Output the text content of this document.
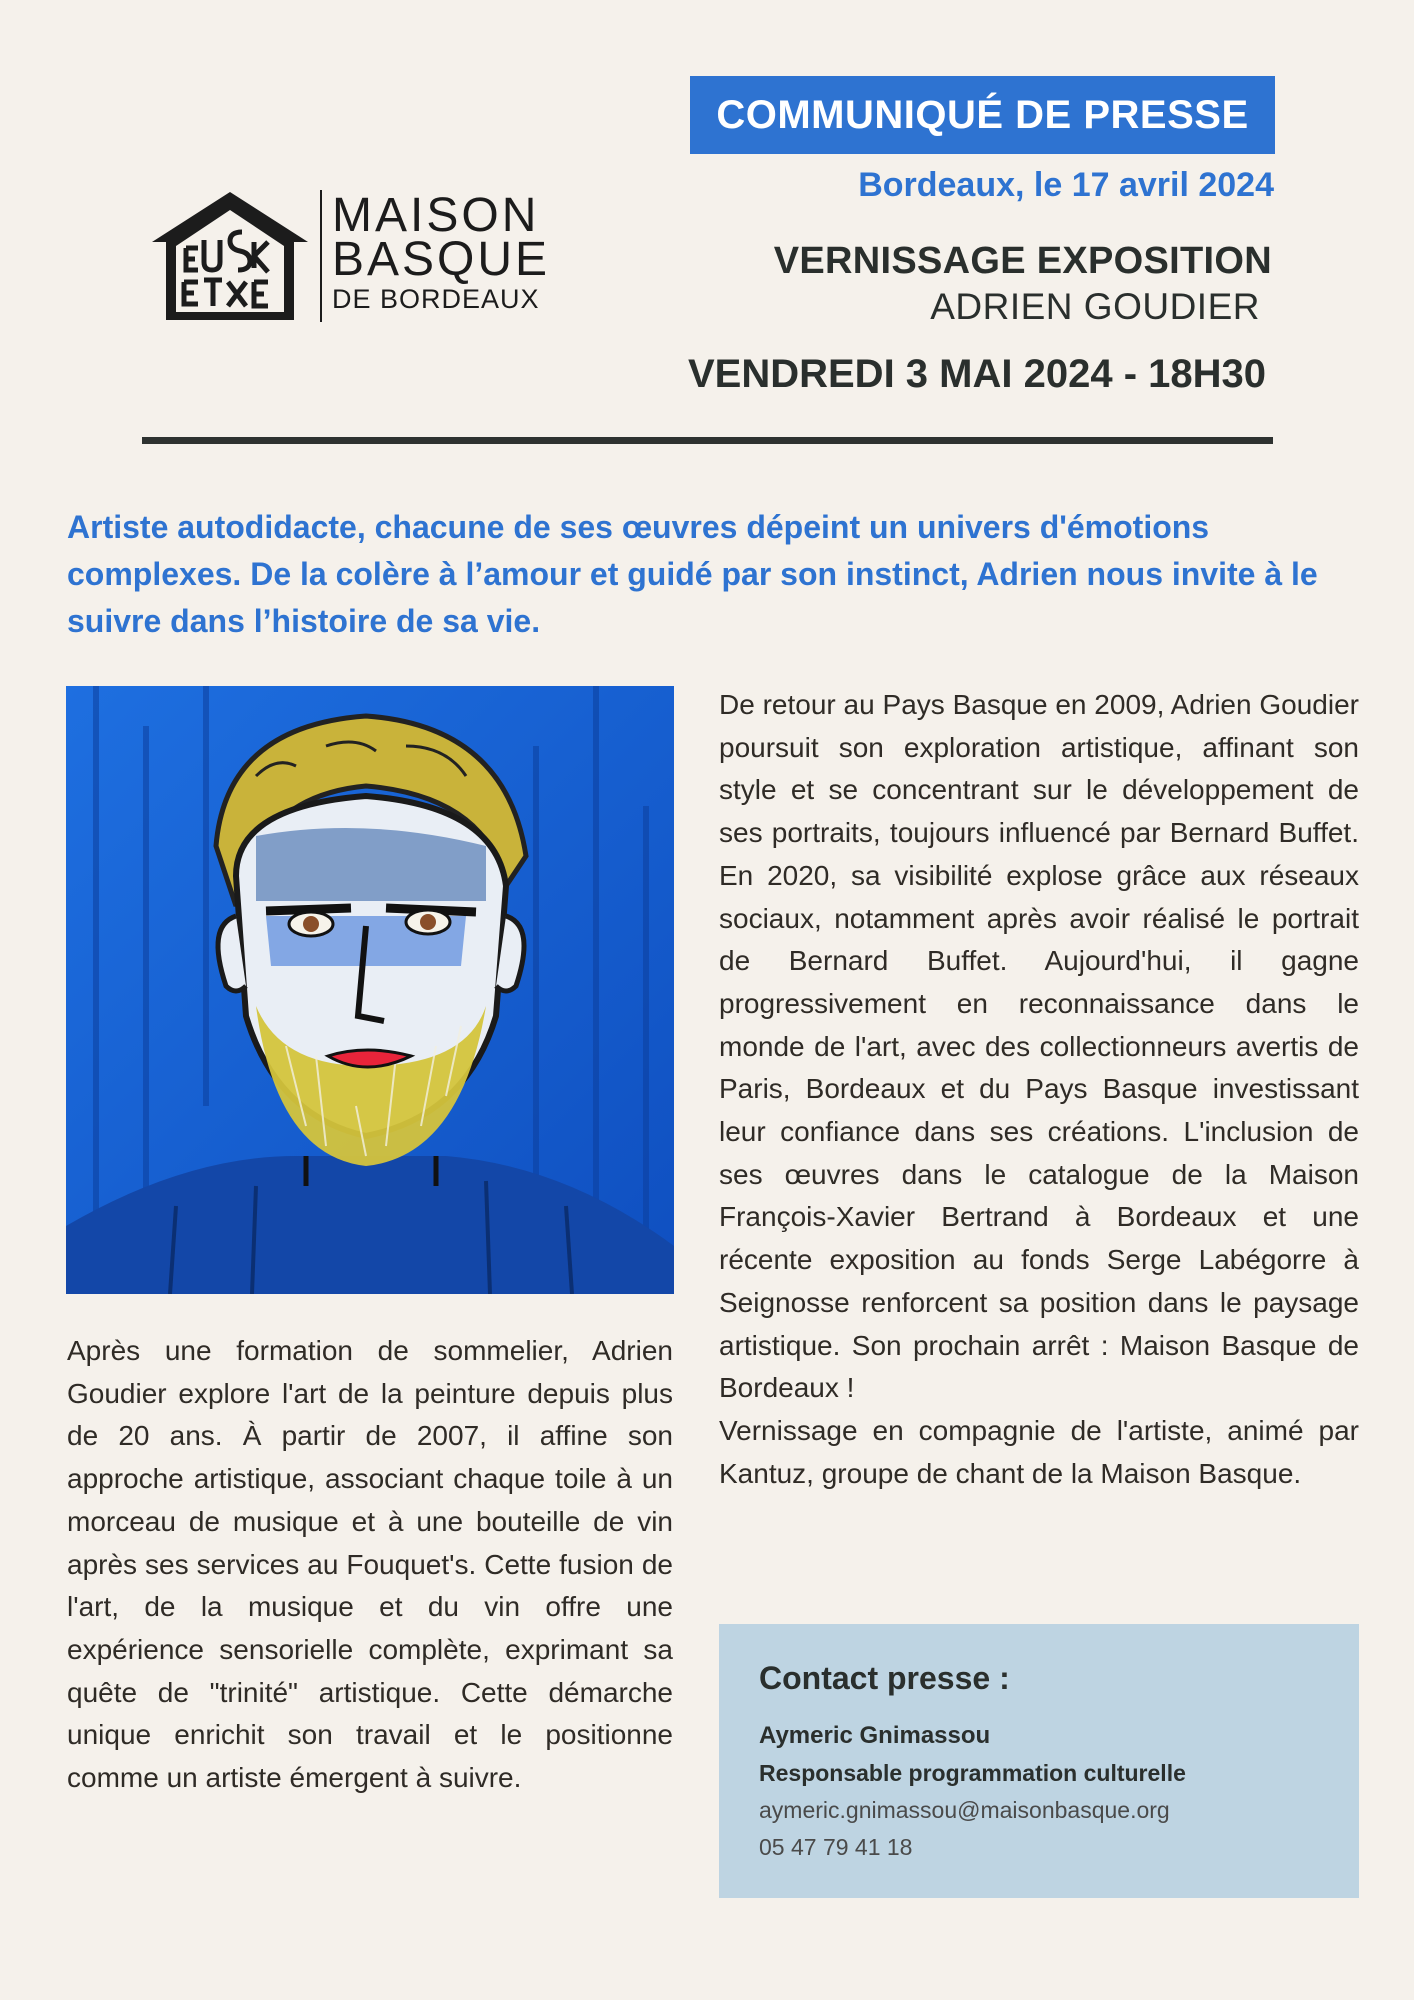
MAISON
BASQUE
DE BORDEAUX
COMMUNIQUÉ DE PRESSE
Bordeaux, le 17 avril 2024
VERNISSAGE EXPOSITION
ADRIEN GOUDIER
VENDREDI 3 MAI 2024 - 18H30
Artiste autodidacte, chacune de ses œuvres dépeint un univers d'émotions complexes. De la colère à l’amour et guidé par son instinct, Adrien nous invite à le suivre dans l’histoire de sa vie.

De retour au Pays Basque en 2009, Adrien Goudier poursuit son exploration artistique, affinant son style et se concentrant sur le développement de ses portraits, toujours influencé par Bernard Buffet. En 2020, sa visibilité explose grâce aux réseaux sociaux, notamment après avoir réalisé le portrait de Bernard Buffet. Aujourd'hui, il gagne progressivement en reconnaissance dans le monde de l'art, avec des collectionneurs avertis de Paris, Bordeaux et du Pays Basque investissant leur confiance dans ses créations. L'inclusion de ses œuvres dans le catalogue de la Maison François-Xavier Bertrand à Bordeaux et une récente exposition au fonds Serge Labégorre à Seignosse renforcent sa position dans le paysage artistique. Son prochain arrêt : Maison Basque de Bordeaux !

Vernissage en compagnie de l'artiste, animé par Kantuz, groupe de chant de la Maison Basque.

Après une formation de sommelier, Adrien Goudier explore l'art de la peinture depuis plus de 20 ans. À partir de 2007, il affine son approche artistique, associant chaque toile à un morceau de musique et à une bouteille de vin après ses services au Fouquet's. Cette fusion de l'art, de la musique et du vin offre une expérience sensorielle complète, exprimant sa quête de "trinité" artistique. Cette démarche unique enrichit son travail et le positionne comme un artiste émergent à suivre.

Contact presse :
Aymeric Gnimassou
Responsable programmation culturelle
aymeric.gnimassou@maisonbasque.org
05 47 79 41 18
